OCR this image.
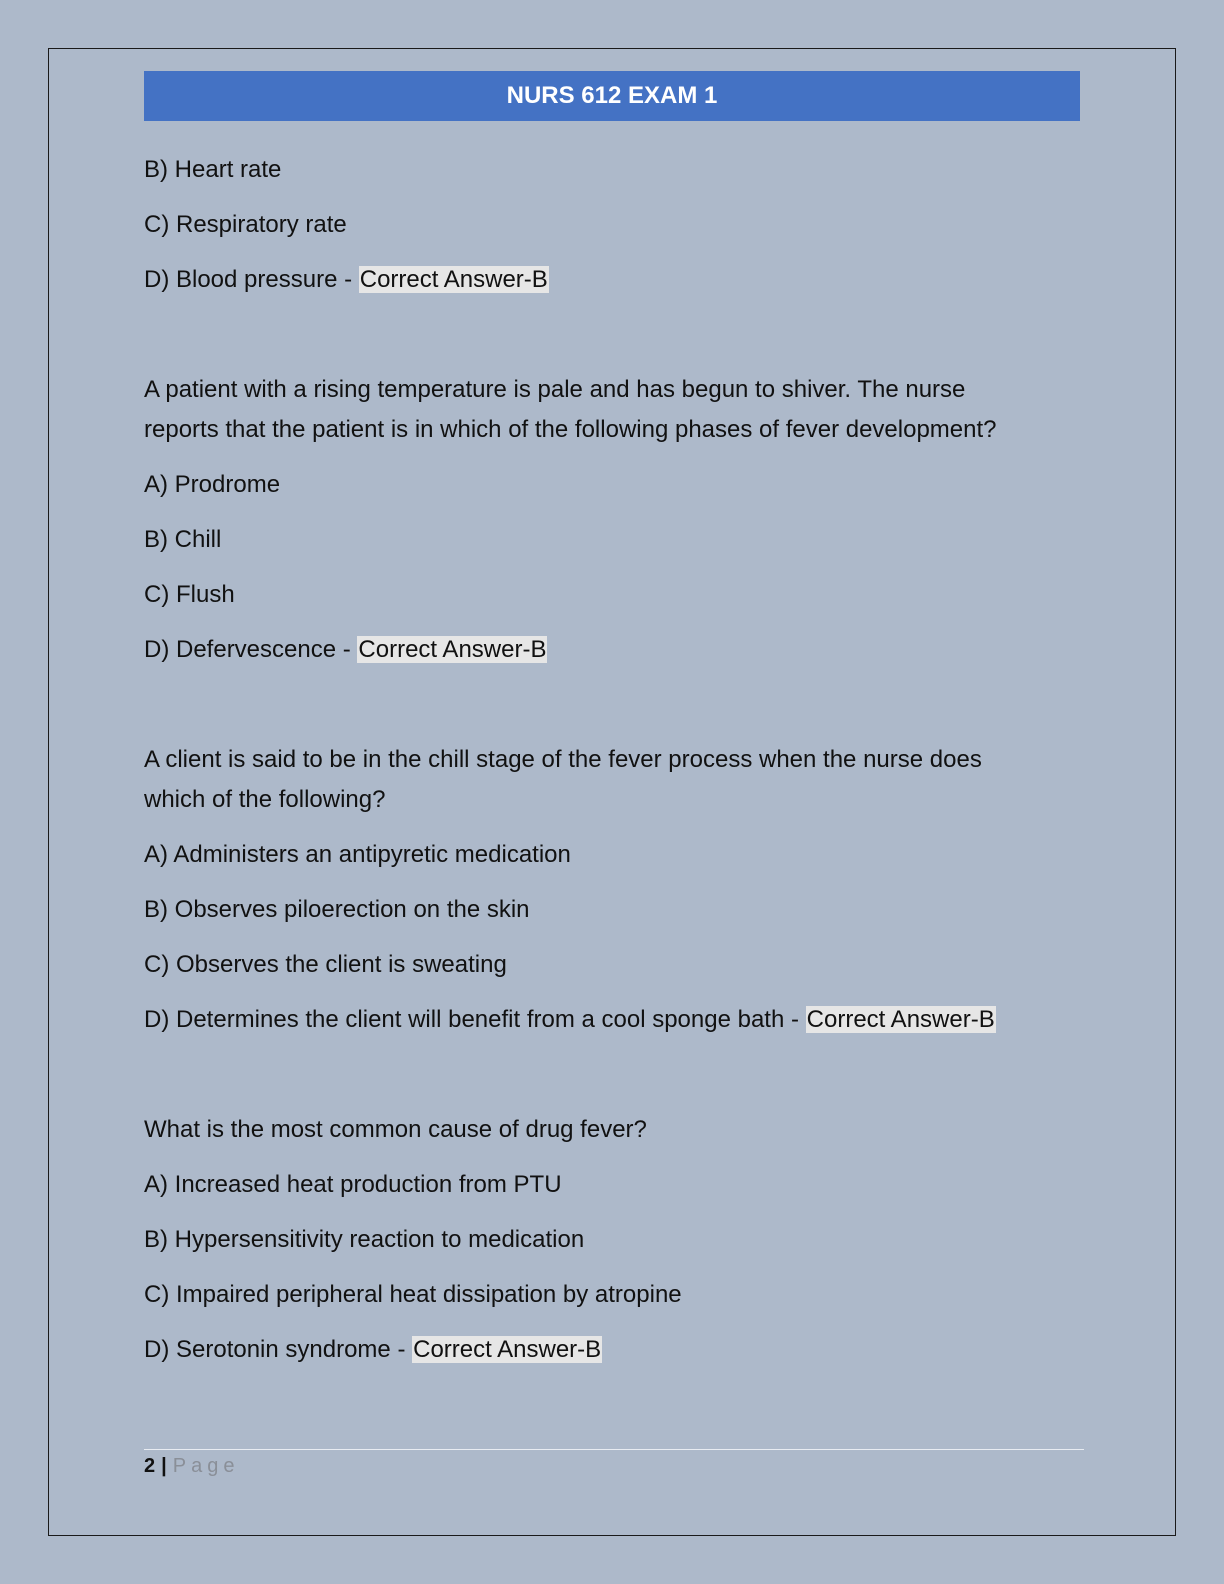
NURS 612 EXAM 1

B) Heart rate

C) Respiratory rate

D) Blood pressure - Correct Answer-B

A patient with a rising temperature is pale and has begun to shiver. The nurse

reports that the patient is in which of the following phases of fever development?

A) Prodrome

B) Chill

C) Flush

D) Defervescence - Correct Answer-B

A client is said to be in the chill stage of the fever process when the nurse does

which of the following?

A) Administers an antipyretic medication

B) Observes piloerection on the skin

C) Observes the client is sweating

D) Determines the client will benefit from a cool sponge bath - Correct Answer-B

What is the most common cause of drug fever?

A) Increased heat production from PTU

B) Hypersensitivity reaction to medication

C) Impaired peripheral heat dissipation by atropine

D) Serotonin syndrome - Correct Answer-B

2 | Page
